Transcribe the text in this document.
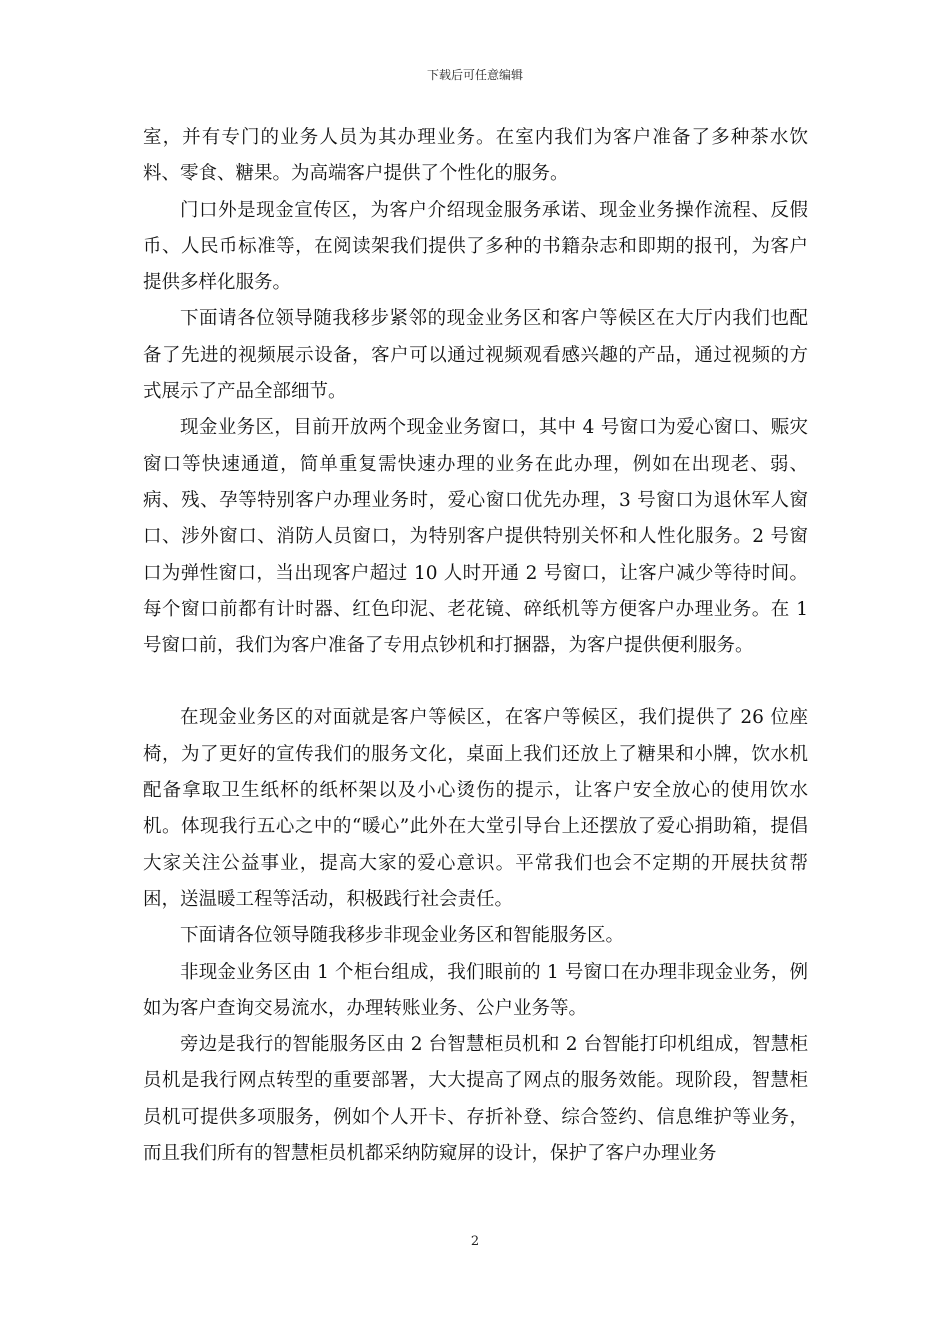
下载后可任意编辑

室，并有专门的业务人员为其办理业务。在室内我们为客户准备了多种茶水饮料、零食、糖果。为高端客户提供了个性化的服务。

门口外是现金宣传区，为客户介绍现金服务承诺、现金业务操作流程、反假币、人民币标准等，在阅读架我们提供了多种的书籍杂志和即期的报刊，为客户提供多样化服务。

下面请各位领导随我移步紧邻的现金业务区和客户等候区在大厅内我们也配备了先进的视频展示设备，客户可以通过视频观看感兴趣的产品，通过视频的方式展示了产品全部细节。

现金业务区，目前开放两个现金业务窗口，其中 4 号窗口为爱心窗口、赈灾窗口等快速通道，简单重复需快速办理的业务在此办理，例如在出现老、弱、病、残、孕等特别客户办理业务时，爱心窗口优先办理，3 号窗口为退休军人窗口、涉外窗口、消防人员窗口，为特别客户提供特别关怀和人性化服务。2 号窗口为弹性窗口，当出现客户超过 10 人时开通 2 号窗口，让客户减少等待时间。每个窗口前都有计时器、红色印泥、老花镜、碎纸机等方便客户办理业务。在 1 号窗口前，我们为客户准备了专用点钞机和打捆器，为客户提供便利服务。

在现金业务区的对面就是客户等候区，在客户等候区，我们提供了 26 位座椅，为了更好的宣传我们的服务文化，桌面上我们还放上了糖果和小牌，饮水机配备拿取卫生纸杯的纸杯架以及小心烫伤的提示，让客户安全放心的使用饮水机。体现我行五心之中的“暖心”此外在大堂引导台上还摆放了爱心捐助箱，提倡大家关注公益事业，提高大家的爱心意识。平常我们也会不定期的开展扶贫帮困，送温暖工程等活动，积极践行社会责任。

下面请各位领导随我移步非现金业务区和智能服务区。

非现金业务区由 1 个柜台组成，我们眼前的 1 号窗口在办理非现金业务，例如为客户查询交易流水，办理转账业务、公户业务等。

旁边是我行的智能服务区由 2 台智慧柜员机和 2 台智能打印机组成，智慧柜员机是我行网点转型的重要部署，大大提高了网点的服务效能。现阶段，智慧柜员机可提供多项服务，例如个人开卡、存折补登、综合签约、信息维护等业务，而且我们所有的智慧柜员机都采纳防窥屏的设计，保护了客户办理业务

2
